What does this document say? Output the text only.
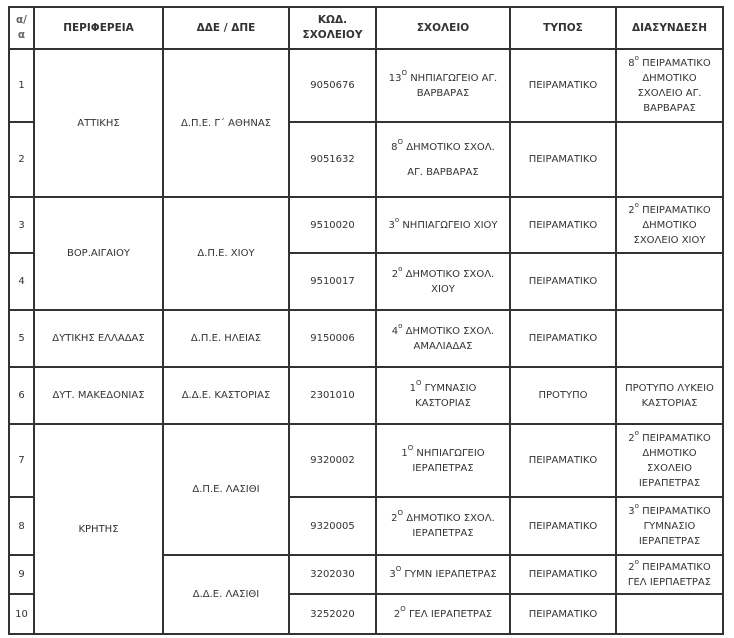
α/α	ΠΕΡΙΦΕΡΕΙΑ	ΔΔΕ / ΔΠΕ	ΚΩΔ. ΣΧΟΛΕΙΟΥ	ΣΧΟΛΕΙΟ	ΤΥΠΟΣ	ΔΙΑΣΥΝΔΕΣΗ
1	ΑΤΤΙΚΗΣ	Δ.Π.Ε. Γ΄ ΑΘΗΝΑΣ	9050676	$13^O$ ΝΗΠΙΑΓΩΓΕΙΟ ΑΓ.
ΒΑΡΒΑΡΑΣ	ΠΕΙΡΑΜΑΤΙΚΟ	$8^o$ ΠΕΙΡΑΜΑΤΙΚΟ
ΔΗΜΟΤΙΚΟ
ΣΧΟΛΕΙΟ ΑΓ.
ΒΑΡΒΑΡΑΣ

2			9051632	$8^O$ ΔΗΜΟΤΙΚΟ ΣΧΟΛ.
ΑΓ. ΒΑΡΒΑΡΑΣ	ΠΕΙΡΑΜΑΤΙΚΟ	
3	ΒΟΡ.ΑΙΓΑΙΟΥ	Δ.Π.Ε. ΧΙΟΥ	9510020	$3^o$ ΝΗΠΙΑΓΩΓΕΙΟ ΧΙΟΥ	ΠΕΙΡΑΜΑΤΙΚΟ	$2^o$ ΠΕΙΡΑΜΑΤΙΚΟ
ΔΗΜΟΤΙΚΟ
ΣΧΟΛΕΙΟ ΧΙΟΥ

4			9510017	$2^o$ ΔΗΜΟΤΙΚΟ ΣΧΟΛ.
ΧΙΟΥ	ΠΕΙΡΑΜΑΤΙΚΟ	
5	ΔΥΤΙΚΗΣ ΕΛΛΑΔΑΣ	Δ.Π.Ε. ΗΛΕΙΑΣ	9150006	$4^o$ ΔΗΜΟΤΙΚΟ ΣΧΟΛ.
ΑΜΑΛΙΑΔΑΣ	ΠΕΙΡΑΜΑΤΙΚΟ	
6	ΔΥΤ. ΜΑΚΕΔΟΝΙΑΣ	Δ.Δ.Ε. ΚΑΣΤΟΡΙΑΣ	2301010	$1^O$ ΓΥΜΝΑΣΙΟ
ΚΑΣΤΟΡΙΑΣ	ΠΡΟΤΥΠΟ	ΠΡΟΤΥΠΟ ΛΥΚΕΙΟ
ΚΑΣΤΟΡΙΑΣ

7	ΚΡΗΤΗΣ	Δ.Π.Ε. ΛΑΣΙΘΙ	9320002	$1^O$ ΝΗΠΙΑΓΩΓΕΙΟ
ΙΕΡΑΠΕΤΡΑΣ	ΠΕΙΡΑΜΑΤΙΚΟ	$2^o$ ΠΕΙΡΑΜΑΤΙΚΟ
ΔΗΜΟΤΙΚΟ
ΣΧΟΛΕΙΟ
ΙΕΡΑΠΕΤΡΑΣ

8			9320005	$2^O$ ΔΗΜΟΤΙΚΟ ΣΧΟΛ.
ΙΕΡΑΠΕΤΡΑΣ	ΠΕΙΡΑΜΑΤΙΚΟ	$3^o$ ΠΕΙΡΑΜΑΤΙΚΟ
ΓΥΜΝΑΣΙΟ
ΙΕΡΑΠΕΤΡΑΣ

9		Δ.Δ.Ε. ΛΑΣΙΘΙ	3202030	$3^O$ ΓΥΜΝ ΙΕΡΑΠΕΤΡΑΣ	ΠΕΙΡΑΜΑΤΙΚΟ	$2^o$ ΠΕΙΡΑΜΑΤΙΚΟ
ΓΕΛ ΙΕΡΠΑΕΤΡΑΣ

10			3252020	$2^O$ ΓΕΛ ΙΕΡΑΠΕΤΡΑΣ	ΠΕΙΡΑΜΑΤΙΚΟ	
